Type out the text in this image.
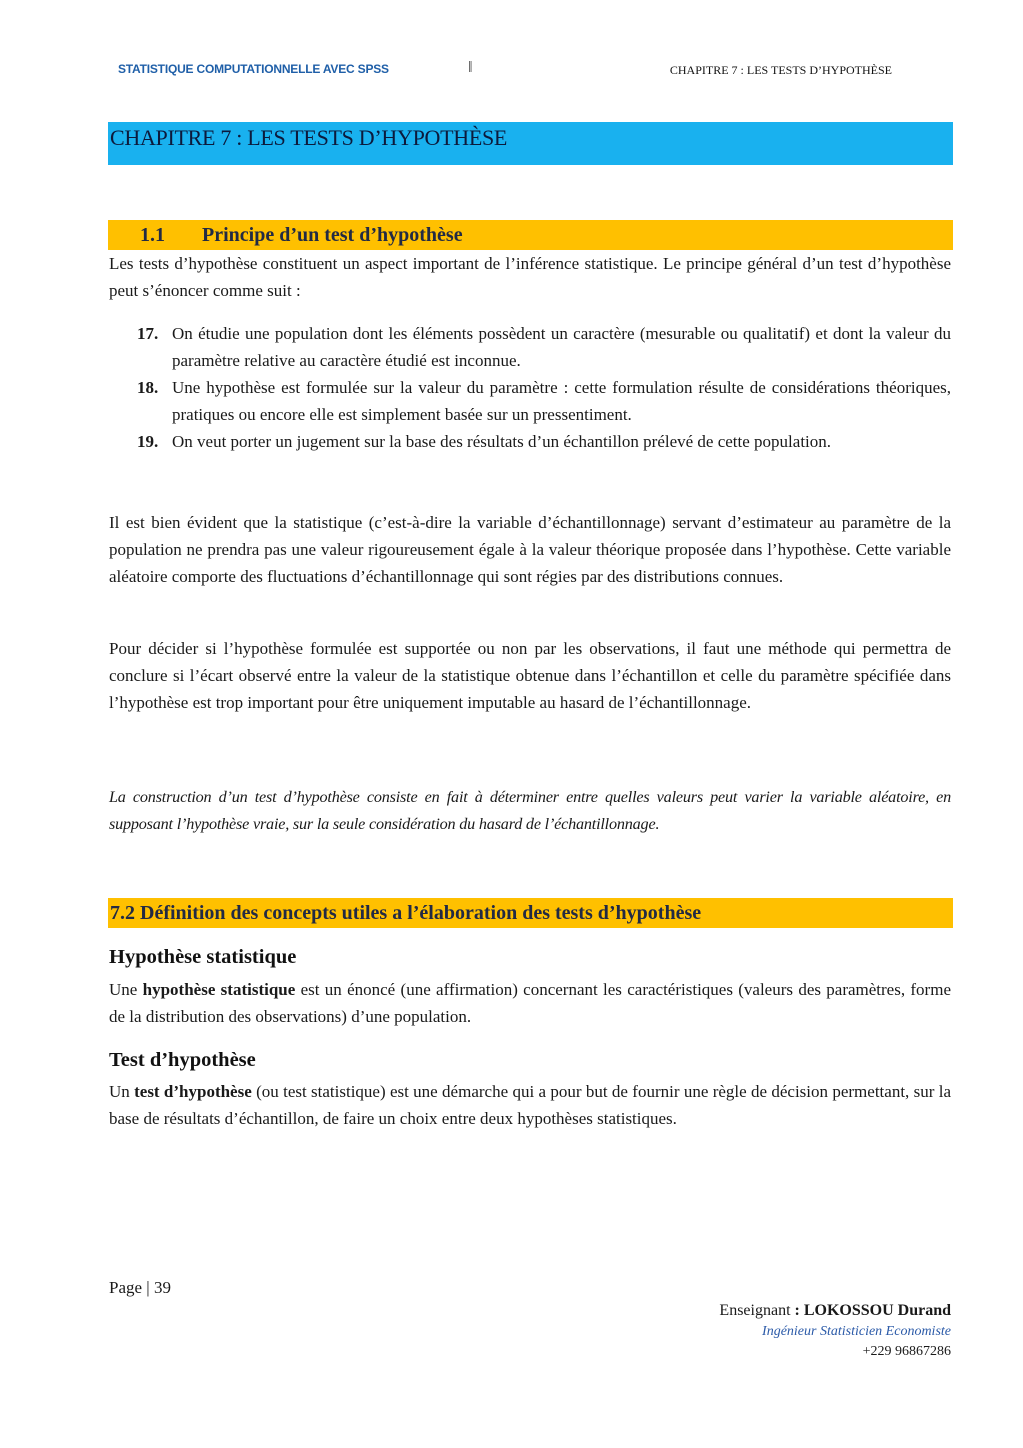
STATISTIQUE COMPUTATIONNELLE AVEC SPSS	‖	CHAPITRE 7 : LES TESTS D’HYPOTHÈSE
CHAPITRE 7 : LES TESTS D’HYPOTHÈSE
1.1 Principe d’un test d’hypothèse

Les tests d’hypothèse constituent un aspect important de l’inférence statistique. Le principe général d’un test d’hypothèse peut s’énoncer comme suit :

17. On étudie une population dont les éléments possèdent un caractère (mesurable ou qualitatif) et dont la valeur du paramètre relative au caractère étudié est inconnue.
18. Une hypothèse est formulée sur la valeur du paramètre : cette formulation résulte de considérations théoriques, pratiques ou encore elle est simplement basée sur un pressentiment.
19. On veut porter un jugement sur la base des résultats d’un échantillon prélevé de cette population.

Il est bien évident que la statistique (c’est-à-dire la variable d’échantillonnage) servant d’estimateur au paramètre de la population ne prendra pas une valeur rigoureusement égale à la valeur théorique proposée dans l’hypothèse. Cette variable aléatoire comporte des fluctuations d’échantillonnage qui sont régies par des distributions connues.

Pour décider si l’hypothèse formulée est supportée ou non par les observations, il faut une méthode qui permettra de conclure si l’écart observé entre la valeur de la statistique obtenue dans l’échantillon et celle du paramètre spécifiée dans l’hypothèse est trop important pour être uniquement imputable au hasard de l’échantillonnage.

La construction d’un test d’hypothèse consiste en fait à déterminer entre quelles valeurs peut varier la variable aléatoire, en supposant l’hypothèse vraie, sur la seule considération du hasard de l’échantillonnage.

7.2 Définition des concepts utiles a l’élaboration des tests d’hypothèse
Hypothèse statistique

Une hypothèse statistique est un énoncé (une affirmation) concernant les caractéristiques (valeurs des paramètres, forme de la distribution des observations) d’une population.

Test d’hypothèse

Un test d’hypothèse (ou test statistique) est une démarche qui a pour but de fournir une règle de décision permettant, sur la base de résultats d’échantillon, de faire un choix entre deux hypothèses statistiques.

Page | 39
Enseignant : LOKOSSOU Durand
Ingénieur Statisticien Economiste
+229 96867286
